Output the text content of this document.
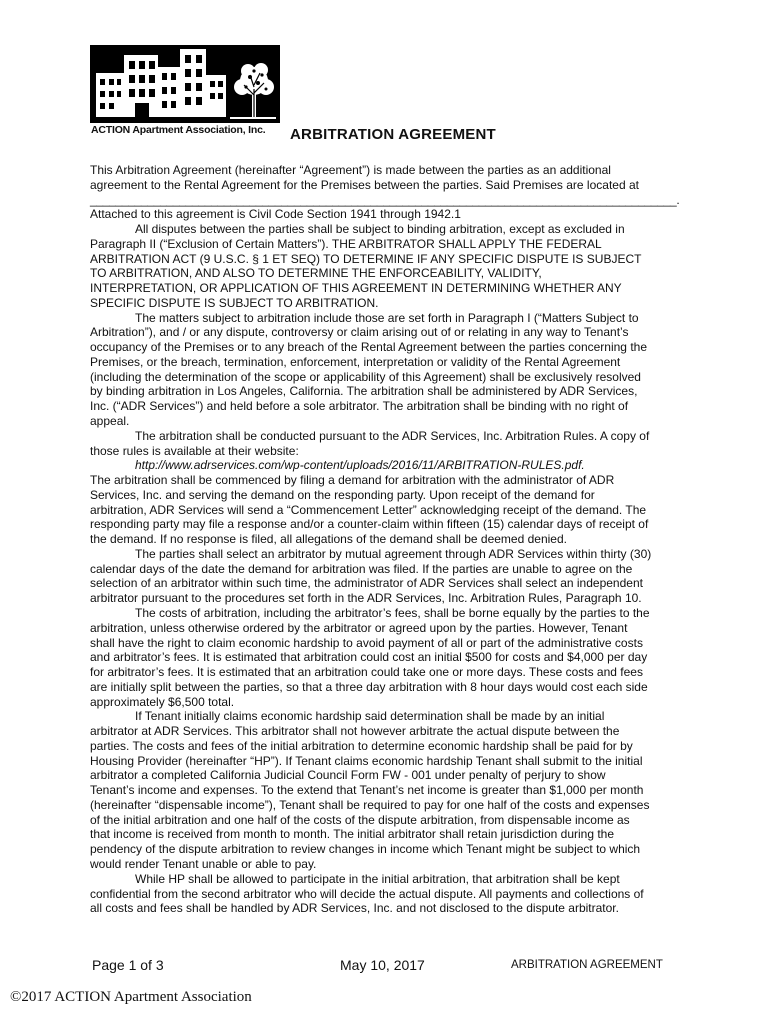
ACTION Apartment Association, Inc. ARBITRATION AGREEMENT
This Arbitration Agreement (hereinafter “Agreement”) is made between the parties as an additional
agreement to the Rental Agreement for the Premises between the parties. Said Premises are located at
____________________________________________________________________________________________.
Attached to this agreement is Civil Code Section 1941 through 1942.1
All disputes between the parties shall be subject to binding arbitration, except as excluded in
Paragraph II (“Exclusion of Certain Matters”). THE ARBITRATOR SHALL APPLY THE FEDERAL
ARBITRATION ACT (9 U.S.C. § 1 ET SEQ) TO DETERMINE IF ANY SPECIFIC DISPUTE IS SUBJECT
TO ARBITRATION, AND ALSO TO DETERMINE THE ENFORCEABILITY, VALIDITY,
INTERPRETATION, OR APPLICATION OF THIS AGREEMENT IN DETERMINING WHETHER ANY
SPECIFIC DISPUTE IS SUBJECT TO ARBITRATION.
The matters subject to arbitration include those are set forth in Paragraph I (“Matters Subject to
Arbitration”), and / or any dispute, controversy or claim arising out of or relating in any way to Tenant’s
occupancy of the Premises or to any breach of the Rental Agreement between the parties concerning the
Premises, or the breach, termination, enforcement, interpretation or validity of the Rental Agreement
(including the determination of the scope or applicability of this Agreement) shall be exclusively resolved
by binding arbitration in Los Angeles, California. The arbitration shall be administered by ADR Services,
Inc. (“ADR Services”) and held before a sole arbitrator. The arbitration shall be binding with no right of
appeal.
The arbitration shall be conducted pursuant to the ADR Services, Inc. Arbitration Rules. A copy of
those rules is available at their website:
http://www.adrservices.com/wp-content/uploads/2016/11/ARBITRATION-RULES.pdf.
The arbitration shall be commenced by filing a demand for arbitration with the administrator of ADR
Services, Inc. and serving the demand on the responding party. Upon receipt of the demand for
arbitration, ADR Services will send a “Commencement Letter” acknowledging receipt of the demand. The
responding party may file a response and/or a counter-claim within fifteen (15) calendar days of receipt of
the demand. If no response is filed, all allegations of the demand shall be deemed denied.
The parties shall select an arbitrator by mutual agreement through ADR Services within thirty (30)
calendar days of the date the demand for arbitration was filed. If the parties are unable to agree on the
selection of an arbitrator within such time, the administrator of ADR Services shall select an independent
arbitrator pursuant to the procedures set forth in the ADR Services, Inc. Arbitration Rules, Paragraph 10.
The costs of arbitration, including the arbitrator’s fees, shall be borne equally by the parties to the
arbitration, unless otherwise ordered by the arbitrator or agreed upon by the parties. However, Tenant
shall have the right to claim economic hardship to avoid payment of all or part of the administrative costs
and arbitrator’s fees. It is estimated that arbitration could cost an initial $500 for costs and $4,000 per day
for arbitrator’s fees. It is estimated that an arbitration could take one or more days. These costs and fees
are initially split between the parties, so that a three day arbitration with 8 hour days would cost each side
approximately $6,500 total.
If Tenant initially claims economic hardship said determination shall be made by an initial
arbitrator at ADR Services. This arbitrator shall not however arbitrate the actual dispute between the
parties. The costs and fees of the initial arbitration to determine economic hardship shall be paid for by
Housing Provider (hereinafter “HP”). If Tenant claims economic hardship Tenant shall submit to the initial
arbitrator a completed California Judicial Council Form FW - 001 under penalty of perjury to show
Tenant’s income and expenses. To the extend that Tenant’s net income is greater than $1,000 per month
(hereinafter “dispensable income”), Tenant shall be required to pay for one half of the costs and expenses
of the initial arbitration and one half of the costs of the dispute arbitration, from dispensable income as
that income is received from month to month. The initial arbitrator shall retain jurisdiction during the
pendency of the dispute arbitration to review changes in income which Tenant might be subject to which
would render Tenant unable or able to pay.
While HP shall be allowed to participate in the initial arbitration, that arbitration shall be kept
confidential from the second arbitrator who will decide the actual dispute. All payments and collections of
all costs and fees shall be handled by ADR Services, Inc. and not disclosed to the dispute arbitrator.
Page 1 of 3	May 10, 2017	ARBITRATION AGREEMENT
©2017 ACTION Apartment Association
